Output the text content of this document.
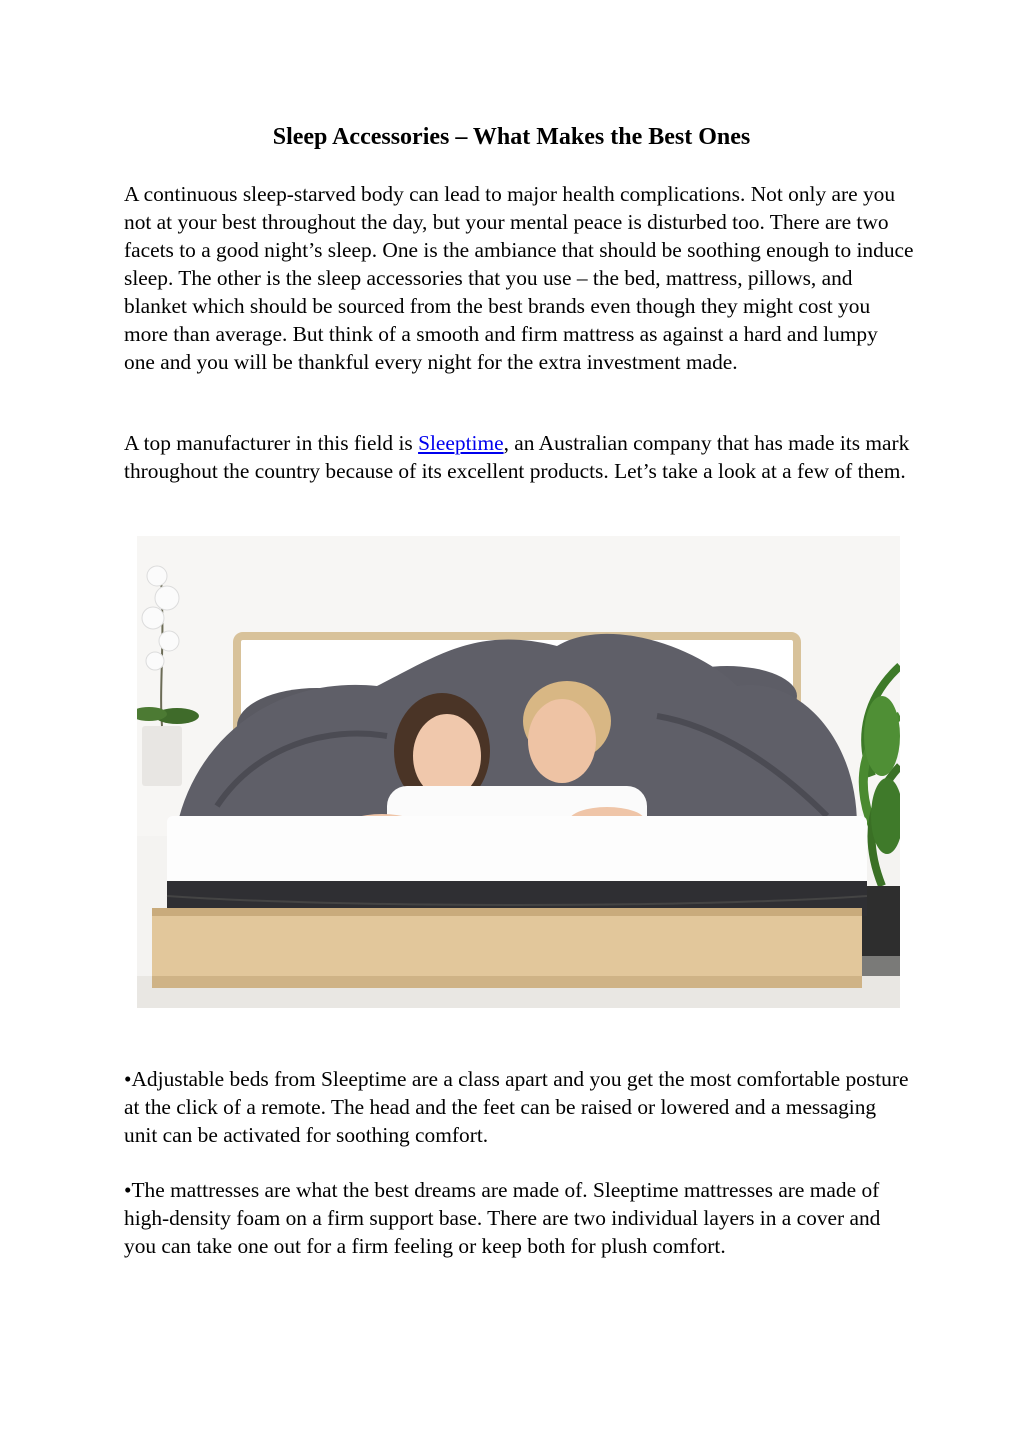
Sleep Accessories – What Makes the Best Ones

A continuous sleep-starved body can lead to major health complications. Not only are you not at your best throughout the day, but your mental peace is disturbed too. There are two facets to a good night’s sleep. One is the ambiance that should be soothing enough to induce sleep. The other is the sleep accessories that you use – the bed, mattress, pillows, and blanket which should be sourced from the best brands even though they might cost you more than average. But think of a smooth and firm mattress as against a hard and lumpy one and you will be thankful every night for the extra investment made.

A top manufacturer in this field is Sleeptime, an Australian company that has made its mark throughout the country because of its excellent products. Let’s take a look at a few of them.

•Adjustable beds from Sleeptime are a class apart and you get the most comfortable posture at the click of a remote. The head and the feet can be raised or lowered and a messaging unit can be activated for soothing comfort.

•The mattresses are what the best dreams are made of. Sleeptime mattresses are made of high-density foam on a firm support base. There are two individual layers in a cover and you can take one out for a firm feeling or keep both for plush comfort.
